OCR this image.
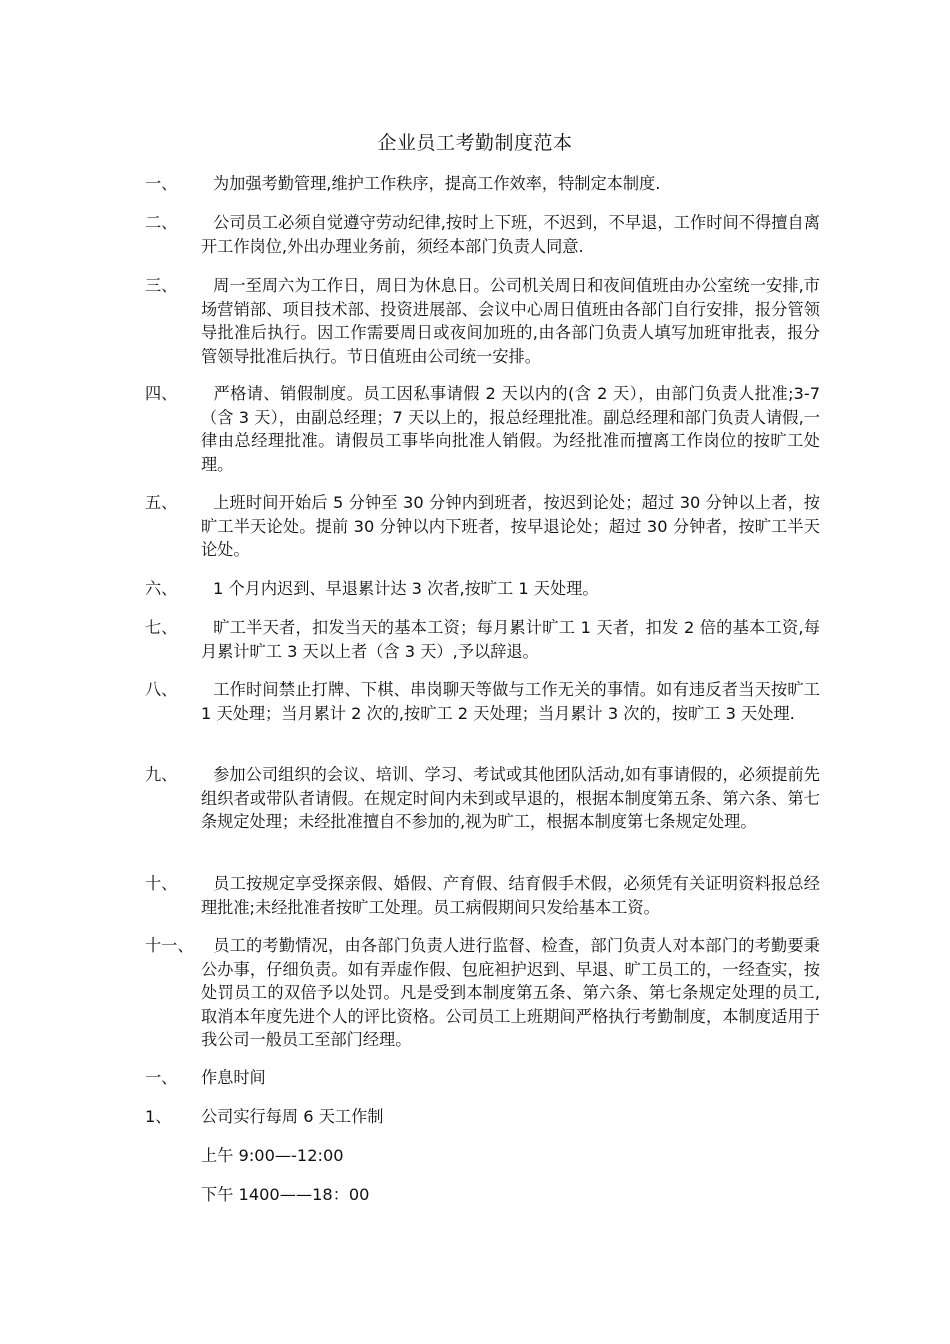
企业员工考勤制度范本
一、	为加强考勤管理,维护工作秩序，提高工作效率，特制定本制度.
二、	公司员工必须自觉遵守劳动纪律,按时上下班，不迟到，不早退，工作时间不得擅自离开工作岗位,外出办理业务前，须经本部门负责人同意.
三、	周一至周六为工作日，周日为休息日。公司机关周日和夜间值班由办公室统一安排,市场营销部、项目技术部、投资进展部、会议中心周日值班由各部门自行安排，报分管领导批准后执行。因工作需要周日或夜间加班的,由各部门负责人填写加班审批表，报分管领导批准后执行。节日值班由公司统一安排。
四、	严格请、销假制度。员工因私事请假 2 天以内的(含 2 天），由部门负责人批准;3-7（含 3 天），由副总经理；7 天以上的，报总经理批准。副总经理和部门负责人请假,一律由总经理批准。请假员工事毕向批准人销假。为经批准而擅离工作岗位的按旷工处理。
五、	上班时间开始后 5 分钟至 30 分钟内到班者，按迟到论处；超过 30 分钟以上者，按旷工半天论处。提前 30 分钟以内下班者，按早退论处；超过 30 分钟者，按旷工半天论处。
六、	1 个月内迟到、早退累计达 3 次者,按旷工 1 天处理。
七、	旷工半天者，扣发当天的基本工资；每月累计旷工 1 天者，扣发 2 倍的基本工资,每月累计旷工 3 天以上者（含 3 天）,予以辞退。
八、	工作时间禁止打牌、下棋、串岗聊天等做与工作无关的事情。如有违反者当天按旷工 1 天处理；当月累计 2 次的,按旷工 2 天处理；当月累计 3 次的，按旷工 3 天处理.
九、	参加公司组织的会议、培训、学习、考试或其他团队活动,如有事请假的，必须提前先组织者或带队者请假。在规定时间内未到或早退的，根据本制度第五条、第六条、第七条规定处理；未经批准擅自不参加的,视为旷工，根据本制度第七条规定处理。
十、	员工按规定享受探亲假、婚假、产育假、结育假手术假，必须凭有关证明资料报总经理批准;未经批准者按旷工处理。员工病假期间只发给基本工资。
十一、	员工的考勤情况，由各部门负责人进行监督、检查，部门负责人对本部门的考勤要秉公办事，仔细负责。如有弄虚作假、包庇袒护迟到、早退、旷工员工的，一经查实，按处罚员工的双倍予以处罚。凡是受到本制度第五条、第六条、第七条规定处理的员工,取消本年度先进个人的评比资格。公司员工上班期间严格执行考勤制度，本制度适用于我公司一般员工至部门经理。
一、	作息时间
1、	公司实行每周 6 天工作制
上午 9:00—-12:00
下午 1400——18：00
